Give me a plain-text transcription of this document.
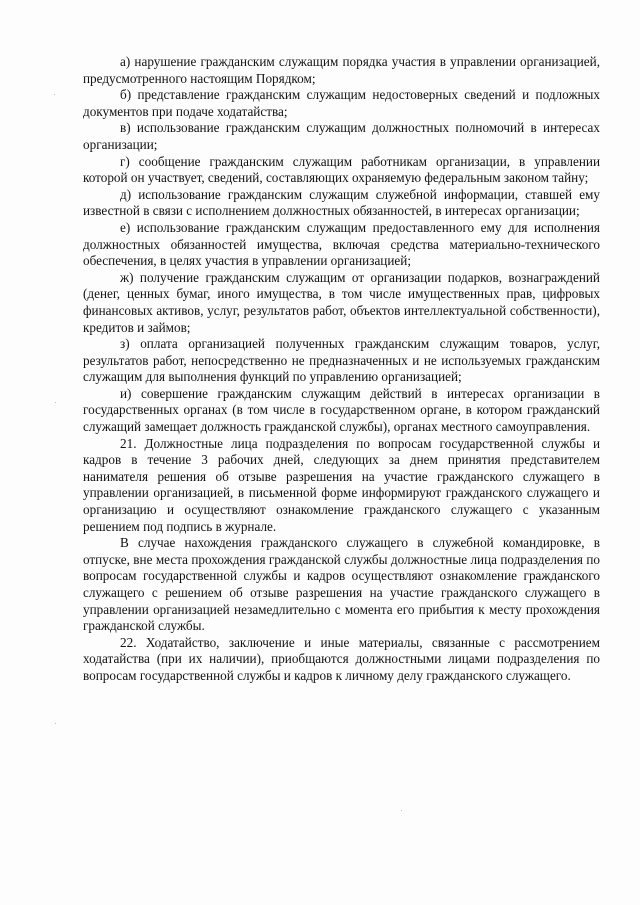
а) нарушение гражданским служащим порядка участия в управлении организацией, предусмотренного настоящим Порядком;

б) представление гражданским служащим недостоверных сведений и подложных документов при подаче ходатайства;

в) использование гражданским служащим должностных полномочий в интересах организации;

г) сообщение гражданским служащим работникам организации, в управлении которой он участвует, сведений, составляющих охраняемую федеральным законом тайну;

д) использование гражданским служащим служебной информации, ставшей ему известной в связи с исполнением должностных обязанностей, в интересах организации;

е) использование гражданским служащим предоставленного ему для исполнения должностных обязанностей имущества, включая средства материально-технического обеспечения, в целях участия в управлении организацией;

ж) получение гражданским служащим от организации подарков, вознаграждений (денег, ценных бумаг, иного имущества, в том числе имущественных прав, цифровых финансовых активов, услуг, результатов работ, объектов интеллектуальной собственности), кредитов и займов;

з) оплата организацией полученных гражданским служащим товаров, услуг, результатов работ, непосредственно не предназначенных и не используемых гражданским служащим для выполнения функций по управлению организацией;

и) совершение гражданским служащим действий в интересах организации в государственных органах (в том числе в государственном органе, в котором гражданский служащий замещает должность гражданской службы), органах местного самоуправления.

21. Должностные лица подразделения по вопросам государственной службы и кадров в течение 3 рабочих дней, следующих за днем принятия представителем нанимателя решения об отзыве разрешения на участие гражданского служащего в управлении организацией, в письменной форме информируют гражданского служащего и организацию и осуществляют ознакомление гражданского служащего с указанным решением под подпись в журнале.

В случае нахождения гражданского служащего в служебной командировке, в отпуске, вне места прохождения гражданской службы должностные лица подразделения по вопросам государственной службы и кадров осуществляют ознакомление гражданского служащего с решением об отзыве разрешения на участие гражданского служащего в управлении организацией незамедлительно с момента его прибытия к месту прохождения гражданской службы.

22. Ходатайство, заключение и иные материалы, связанные с рассмотрением ходатайства (при их наличии), приобщаются должностными лицами подразделения по вопросам государственной службы и кадров к личному делу гражданского служащего.
